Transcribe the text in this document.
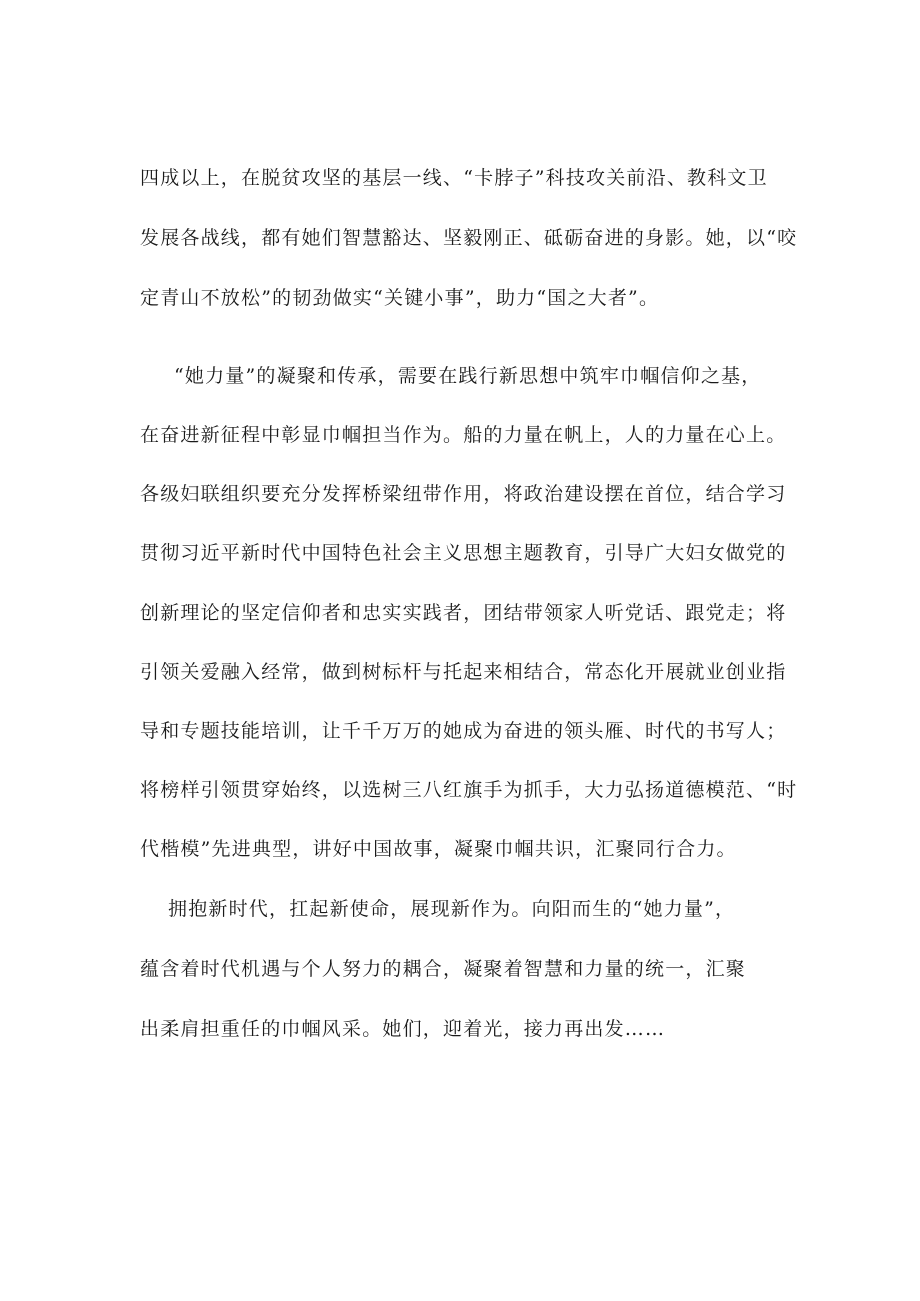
四成以上，在脱贫攻坚的基层一线、“卡脖子”科技攻关前沿、教科文卫
发展各战线，都有她们智慧豁达、坚毅刚正、砥砺奋进的身影。她，以“咬
定青山不放松”的韧劲做实“关键小事”，助力“国之大者”。
“她力量”的凝聚和传承，需要在践行新思想中筑牢巾帼信仰之基，
在奋进新征程中彰显巾帼担当作为。船的力量在帆上，人的力量在心上。
各级妇联组织要充分发挥桥梁纽带作用，将政治建设摆在首位，结合学习
贯彻习近平新时代中国特色社会主义思想主题教育，引导广大妇女做党的
创新理论的坚定信仰者和忠实实践者，团结带领家人听党话、跟党走；将
引领关爱融入经常，做到树标杆与托起来相结合，常态化开展就业创业指
导和专题技能培训，让千千万万的她成为奋进的领头雁、时代的书写人；
将榜样引领贯穿始终，以选树三八红旗手为抓手，大力弘扬道德模范、“时
代楷模”先进典型，讲好中国故事，凝聚巾帼共识，汇聚同行合力。
拥抱新时代，扛起新使命，展现新作为。向阳而生的“她力量”，
蕴含着时代机遇与个人努力的耦合，凝聚着智慧和力量的统一，汇聚
出柔肩担重任的巾帼风采。她们，迎着光，接力再出发……
